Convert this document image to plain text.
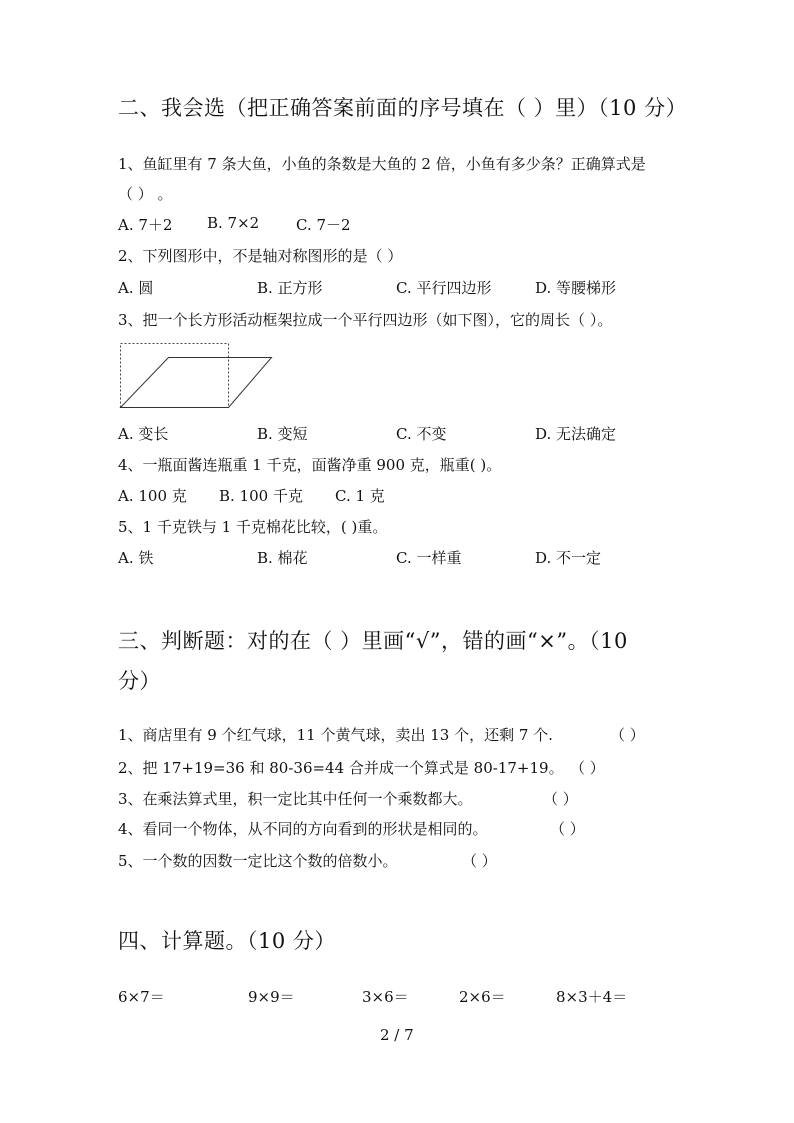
二、我会选（把正确答案前面的序号填在（ ）里）（10 分）
1、鱼缸里有 7 条大鱼，小鱼的条数是大鱼的 2 倍，小鱼有多少条？正确算式是
（ ） 。
A. 7＋2 B. 7×2 C. 7－2
2、下列图形中，不是轴对称图形的是（ ）
A. 圆	B. 正方形	C. 平行四边形	D. 等腰梯形
3、把一个长方形活动框架拉成一个平行四边形（如下图），它的周长（ ）。
A. 变长	B. 变短	C. 不变	D. 无法确定
4、一瓶面酱连瓶重 1 千克，面酱净重 900 克，瓶重( )。
A. 100 克 B. 100 千克 C. 1 克
5、1 千克铁与 1 千克棉花比较，( )重。
A. 铁	B. 棉花	C. 一样重	D. 不一定
三、判断题：对的在（ ）里画“√”，错的画“×”。（10
分）
1、商店里有 9 个红气球，11 个黄气球，卖出 13 个，还剩 7 个.	（ ）
2、把 17+19=36 和 80-36=44 合并成一个算式是 80-17+19。 （ ）
3、在乘法算式里，积一定比其中任何一个乘数都大。	（ ）
4、看同一个物体，从不同的方向看到的形状是相同的。	（ ）
5、一个数的因数一定比这个数的倍数小。	（ ）
四、计算题。（10 分）
6×7＝	9×9＝	3×6＝	2×6＝	8×3＋4＝
2 / 7
